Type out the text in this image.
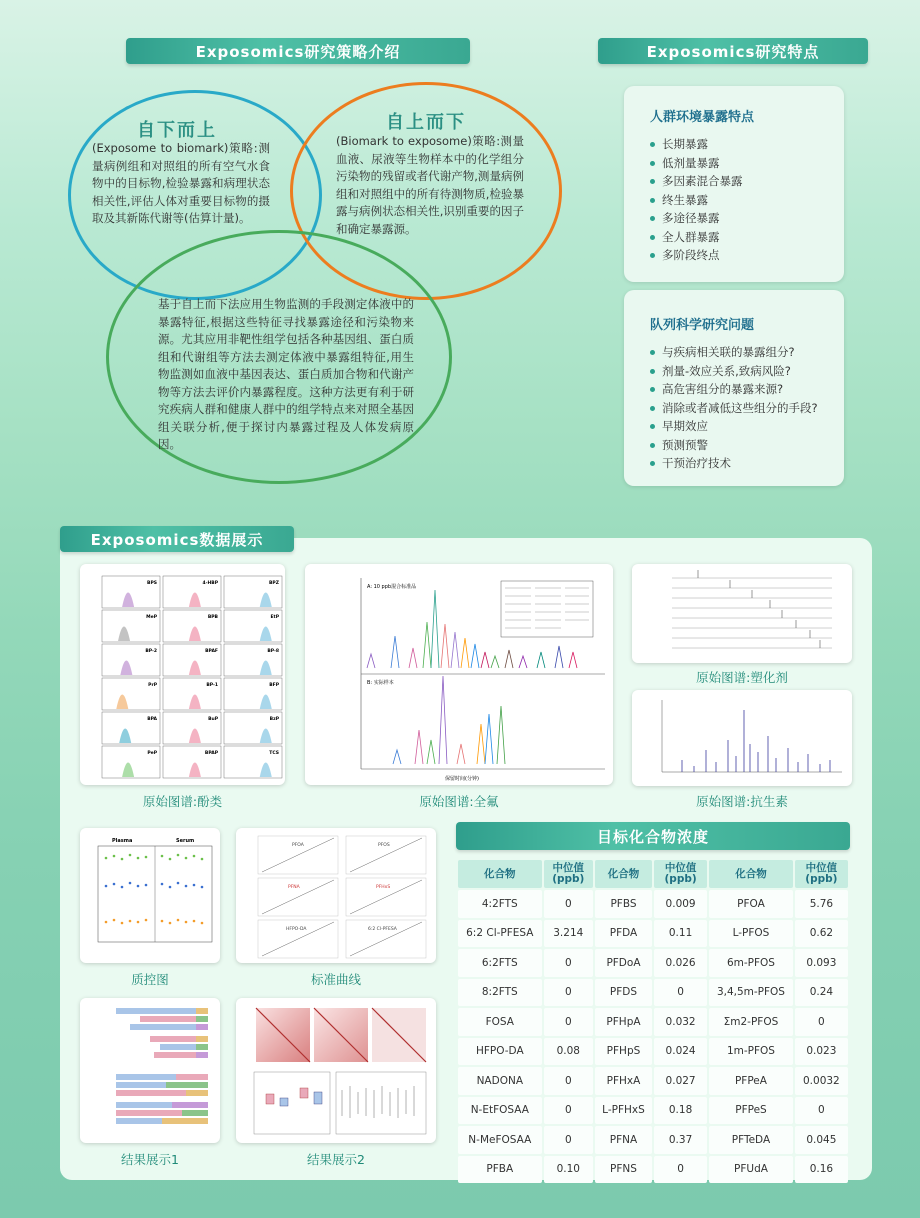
Exposomics研究策略介绍	Exposomics研究特点
自下而上
(Exposome to biomark)策略:测量病例组和对照组的所有空气水食物中的目标物,检验暴露和病理状态相关性,评估人体对重要目标物的摄取及其新陈代谢等(估算计量)。
自上而下
(Biomark to exposome)策略:测量血液、尿液等生物样本中的化学组分污染物的残留或者代谢产物,测量病例组和对照组中的所有待测物质,检验暴露与病例状态相关性,识别重要的因子和确定暴露源。
基于自上而下法应用生物监测的手段测定体液中的暴露特征,根据这些特征寻找暴露途径和污染物来源。尤其应用非靶性组学包括各种基因组、蛋白质组和代谢组等方法去测定体液中暴露组特征,用生物监测如血液中基因表达、蛋白质加合物和代谢产物等方法去评价内暴露程度。这种方法更有利于研究疾病人群和健康人群中的组学特点来对照全基因组关联分析,便于探讨内暴露过程及人体发病原因。
人群环境暴露特点
长期暴露
低剂量暴露
多因素混合暴露
终生暴露
多途径暴露
全人群暴露
多阶段终点
队列科学研究问题
与疾病相关联的暴露组分?
剂量-效应关系,致病风险?
高危害组分的暴露来源?
消除或者减低这些组分的手段?
早期效应
预测预警
干预治疗技术
Exposomics数据展示
BPS	4-HBP	BPZ
MeP	BPB	EtP
BP-2	BPAF	BP-8
PrP	BP-1	BFP
BPA	BuP	BzP
PeP	BPAP	TCS
原始图谱:酚类
A: 10 ppb混合标准品
B: 实际样本
保留时间(分钟)
原始图谱:全氟
原始图谱:塑化剂
原始图谱:抗生素
Plasma	Serum
质控图
PFOA	PFOS
PFNA	PFHxS
HFPO-DA	6:2 Cl-PFESA
标准曲线
结果展示1	结果展示2
目标化合物浓度
化合物	中位值(ppb)	化合物	中位值(ppb)	化合物	中位值(ppb)
4:2FTS	0	PFBS	0.009	PFOA	5.76
6:2 Cl-PFESA	3.214	PFDA	0.11	L-PFOS	0.62
6:2FTS	0	PFDoA	0.026	6m-PFOS	0.093
8:2FTS	0	PFDS	0	3,4,5m-PFOS	0.24
FOSA	0	PFHpA	0.032	Σm2-PFOS	0
HFPO-DA	0.08	PFHpS	0.024	1m-PFOS	0.023
NADONA	0	PFHxA	0.027	PFPeA	0.0032
N-EtFOSAA	0	L-PFHxS	0.18	PFPeS	0
N-MeFOSAA	0	PFNA	0.37	PFTeDA	0.045
PFBA	0.10	PFNS	0	PFUdA	0.16
